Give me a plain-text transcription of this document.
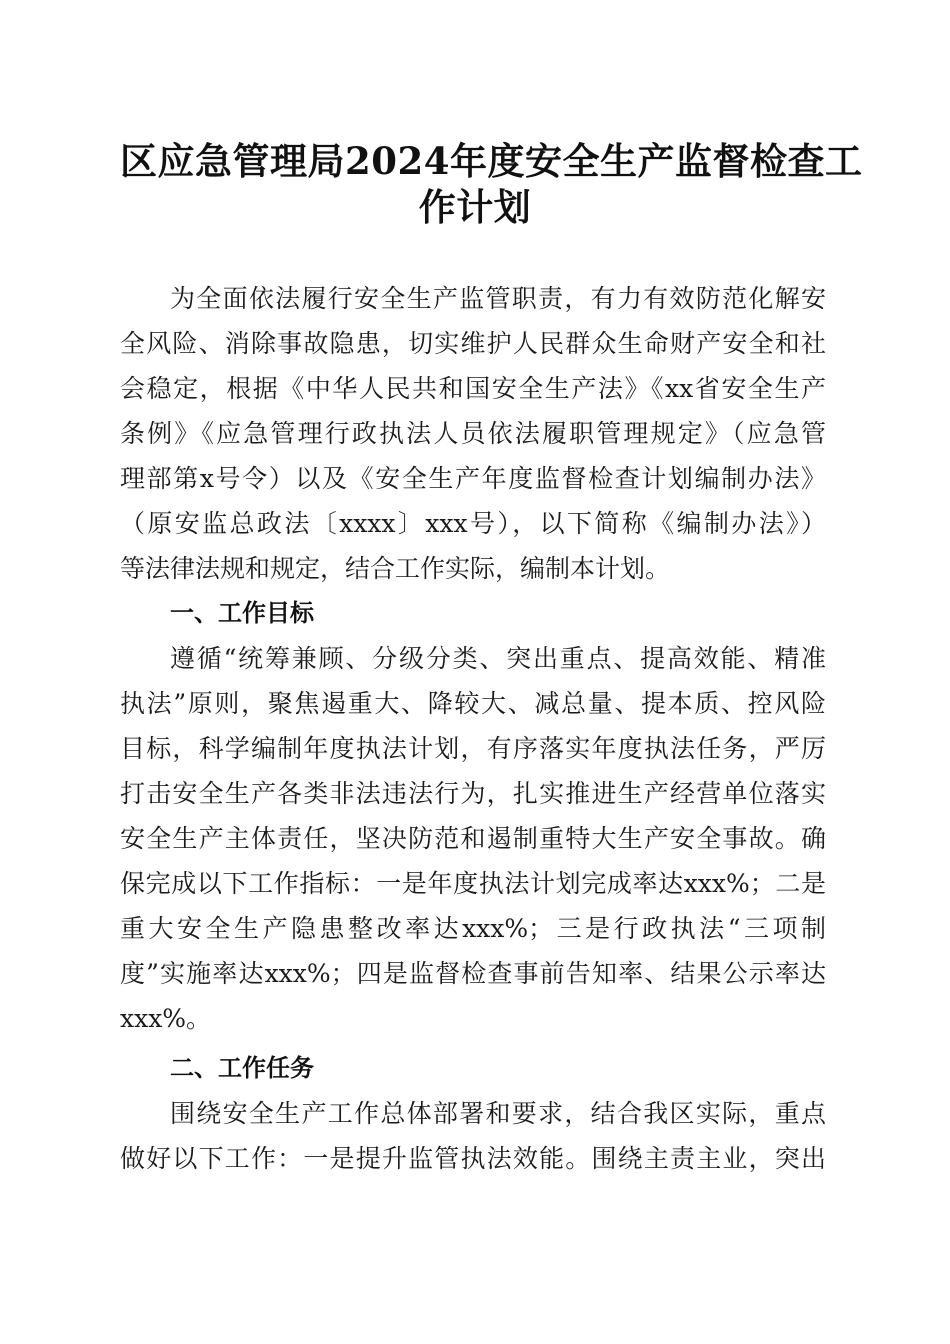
区应急管理局2024年度安全生产监督检查工
作计划
为全面依法履行安全生产监管职责，有力有效防范化解安
全风险、消除事故隐患，切实维护人民群众生命财产安全和社
会稳定，根据《中华人民共和国安全生产法》《xx省安全生产
条例》《应急管理行政执法人员依法履职管理规定》（应急管
理部第x号令）以及《安全生产年度监督检查计划编制办法》
（原安监总政法〔xxxx〕xxx号），以下简称《编制办法》）
等法律法规和规定，结合工作实际，编制本计划。
一、工作目标
遵循“统筹兼顾、分级分类、突出重点、提高效能、精准
执法”原则，聚焦遏重大、降较大、减总量、提本质、控风险
目标，科学编制年度执法计划，有序落实年度执法任务，严厉
打击安全生产各类非法违法行为，扎实推进生产经营单位落实
安全生产主体责任，坚决防范和遏制重特大生产安全事故。确
保完成以下工作指标：一是年度执法计划完成率达xxx%；二是
重大安全生产隐患整改率达xxx%；三是行政执法“三项制
度”实施率达xxx%；四是监督检查事前告知率、结果公示率达
xxx%。
二、工作任务
围绕安全生产工作总体部署和要求，结合我区实际，重点
做好以下工作：一是提升监管执法效能。围绕主责主业，突出
